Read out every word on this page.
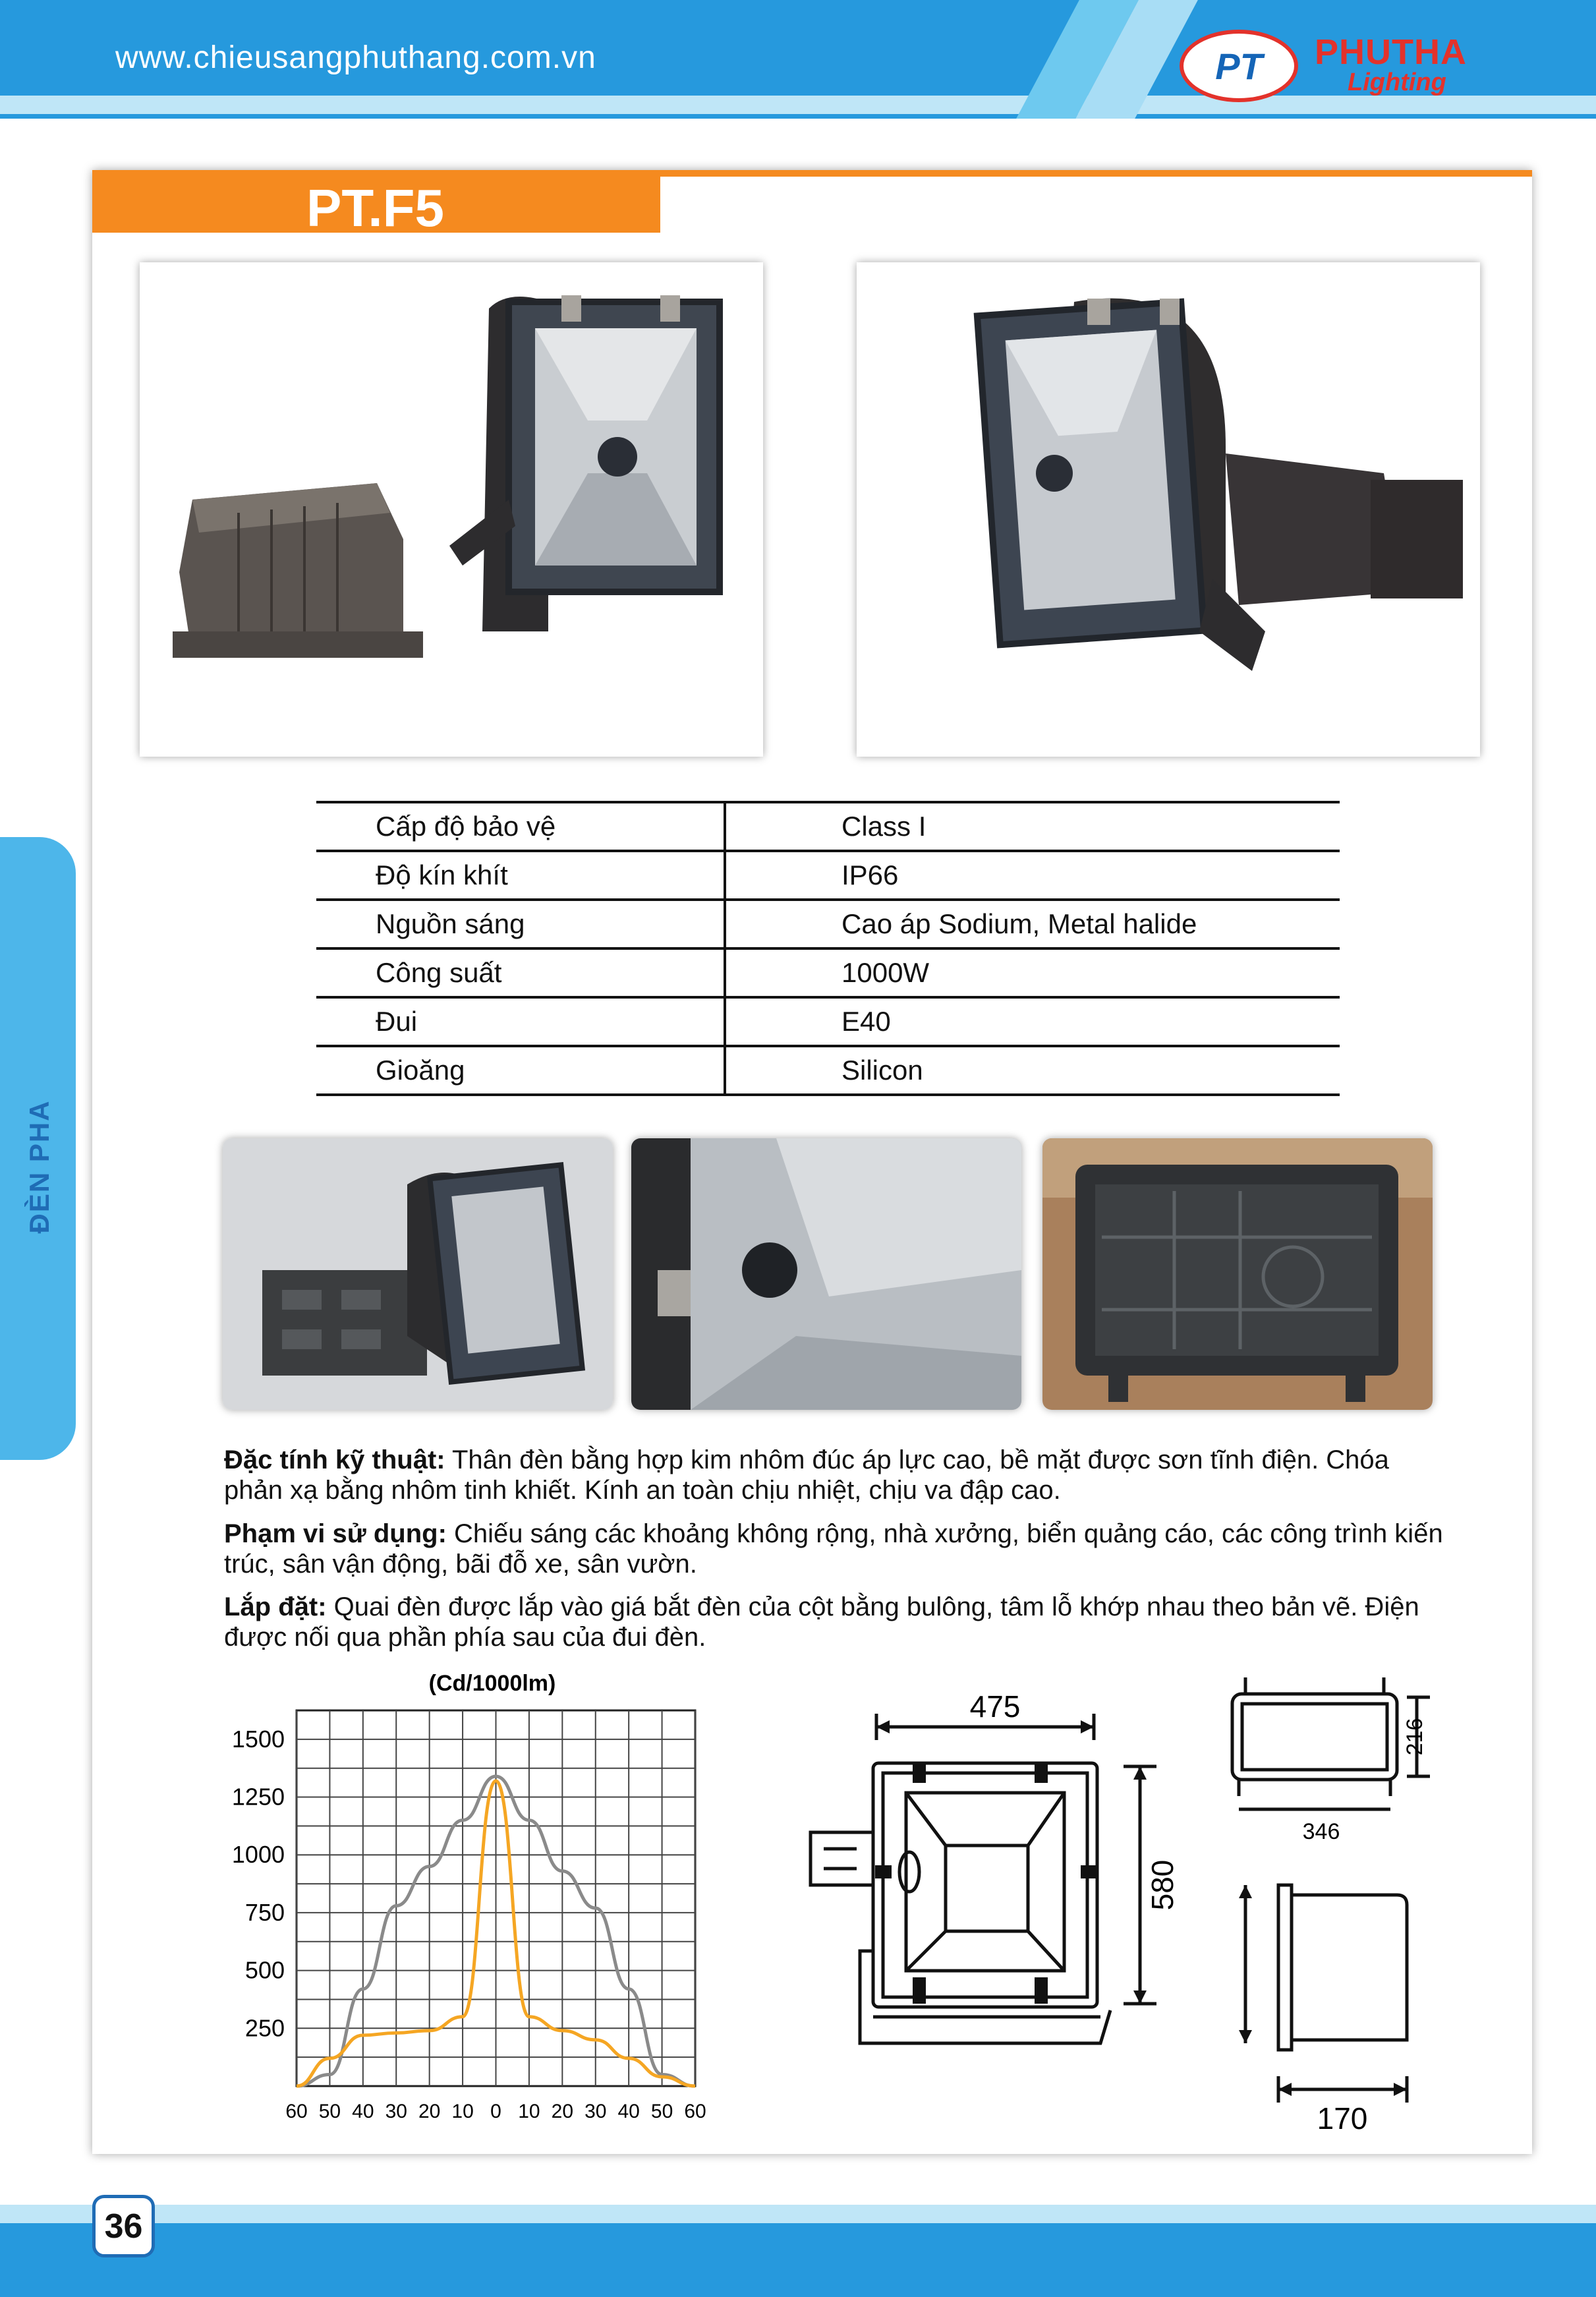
www.chieusangphuthang.com.vn	PT PHUTHA
Lighting
ĐÈN PHA
PT.F5
Cấp độ bảo vệ	Class I
Độ kín khít	IP66
Nguồn sáng	Cao áp Sodium, Metal halide
Công suất	1000W
Đui	E40
Gioăng	Silicon
Đặc tính kỹ thuật: Thân đèn bằng hợp kim nhôm đúc áp lực cao, bề mặt được sơn tĩnh điện. Chóa phản xạ bằng nhôm tinh khiết. Kính an toàn chịu nhiệt, chịu va đập cao.
Phạm vi sử dụng: Chiếu sáng các khoảng không rộng, nhà xưởng, biển quảng cáo, các công trình kiến trúc, sân vận động, bãi đỗ xe, sân vườn.
Lắp đặt: Quai đèn được lắp vào giá bắt đèn của cột bằng bulông, tâm lỗ khớp nhau theo bản vẽ. Điện được nối qua phần phía sau của đui đèn.
(Cd/1000lm)
250
500
750
1000
1250
1500
60 50 40 30 20 10 0 10 20 30 40 50 60
475
580
346
216
170
36
